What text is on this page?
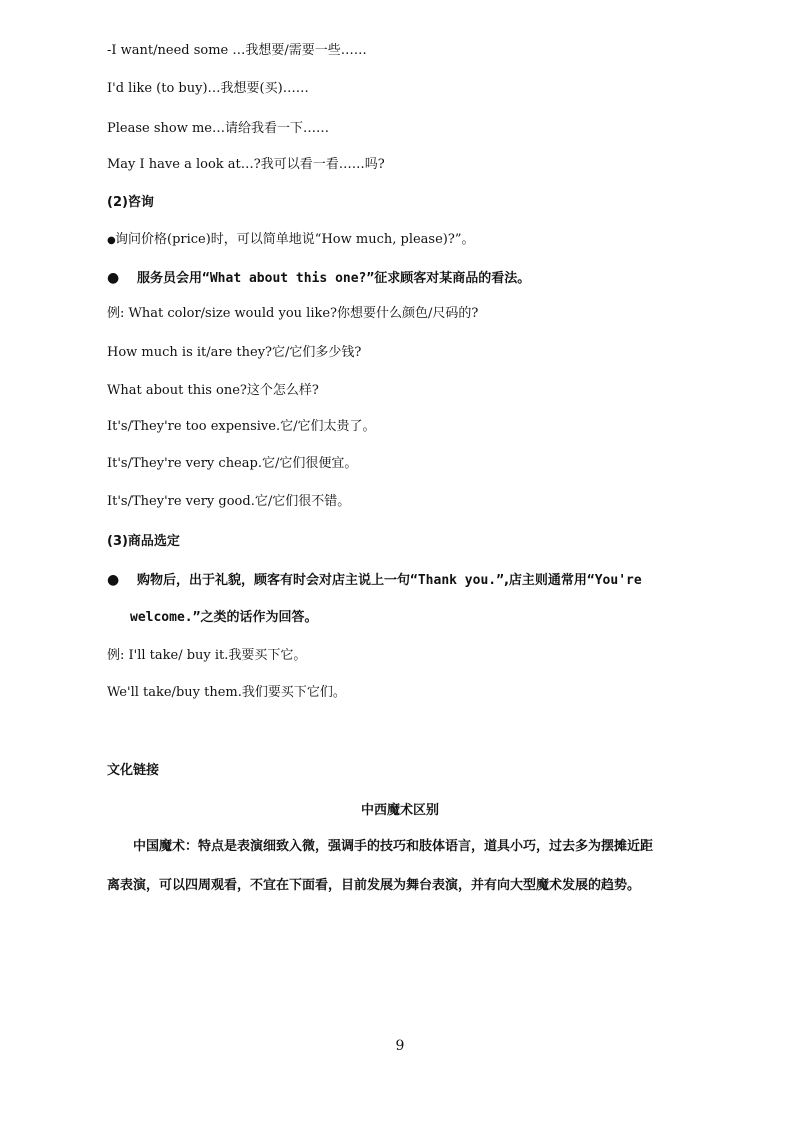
-I want/need some …我想要/需要一些……
I'd like (to buy)…我想要(买)……
Please show me…请给我看一下……
May I have a look at…?我可以看一看……吗?
(2)咨询
●询问价格(price)时，可以简单地说“How much, please)?”。
● 服务员会用“What about this one?”征求顾客对某商品的看法。
例: What color/size would you like?你想要什么颜色/尺码的?
How much is it/are they?它/它们多少钱?
What about this one?这个怎么样?
It's/They're too expensive.它/它们太贵了。
It's/They're very cheap.它/它们很便宜。
It's/They're very good.它/它们很不错。
(3)商品选定
● 购物后，出于礼貌，顾客有时会对店主说上一句“Thank you.”,店主则通常用“You're
welcome.”之类的话作为回答。
例: I'll take/ buy it.我要买下它。
We'll take/buy them.我们要买下它们。
文化链接
中西魔术区别
中国魔术：特点是表演细致入微，强调手的技巧和肢体语言，道具小巧，过去多为摆摊近距
离表演，可以四周观看，不宜在下面看，目前发展为舞台表演，并有向大型魔术发展的趋势。
9
